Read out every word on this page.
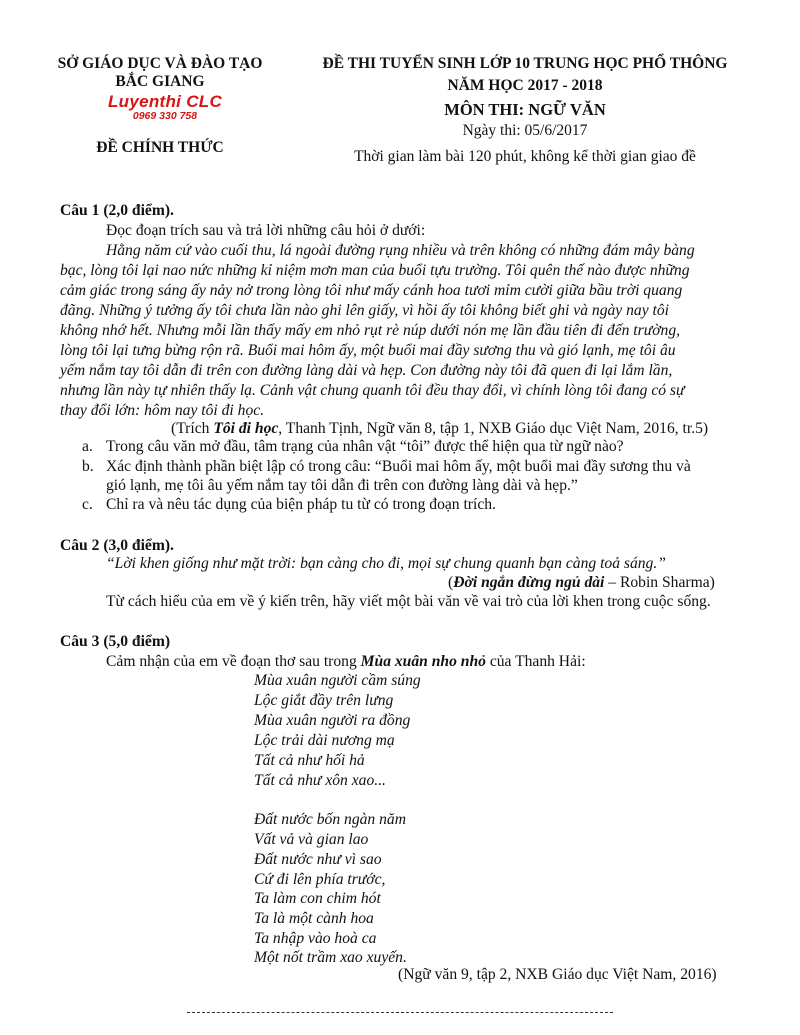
SỞ GIÁO DỤC VÀ ĐÀO TẠO
BẮC GIANG
Luyenthi CLC
0969 330 758
ĐỀ CHÍNH THỨC
ĐỀ THI TUYỂN SINH LỚP 10 TRUNG HỌC PHỔ THÔNG
NĂM HỌC 2017 - 2018
MÔN THI: NGỮ VĂN
Ngày thi: 05/6/2017
Thời gian làm bài 120 phút, không kể thời gian giao đề
Câu 1 (2,0 điểm).
Đọc đoạn trích sau và trả lời những câu hỏi ở dưới:
Hằng năm cứ vào cuối thu, lá ngoài đường rụng nhiều và trên không có những đám mây bàng
bạc, lòng tôi lại nao nức những kỉ niệm mơn man của buổi tựu trường. Tôi quên thế nào được những
cảm giác trong sáng ấy nảy nở trong lòng tôi như mấy cánh hoa tươi mỉm cười giữa bầu trời quang
đãng. Những ý tưởng ấy tôi chưa lần nào ghi lên giấy, vì hồi ấy tôi không biết ghi và ngày nay tôi
không nhớ hết. Nhưng mỗi lần thấy mấy em nhỏ rụt rè núp dưới nón mẹ lần đầu tiên đi đến trường,
lòng tôi lại tưng bừng rộn rã. Buổi mai hôm ấy, một buổi mai đầy sương thu và gió lạnh, mẹ tôi âu
yếm nắm tay tôi dẫn đi trên con đường làng dài và hẹp. Con đường này tôi đã quen đi lại lắm lần,
nhưng lần này tự nhiên thấy lạ. Cảnh vật chung quanh tôi đều thay đổi, vì chính lòng tôi đang có sự
thay đổi lớn: hôm nay tôi đi học.
(Trích Tôi đi học, Thanh Tịnh, Ngữ văn 8, tập 1, NXB Giáo dục Việt Nam, 2016, tr.5)
a. Trong câu văn mở đầu, tâm trạng của nhân vật “tôi” được thể hiện qua từ ngữ nào?
b. Xác định thành phần biệt lập có trong câu: “Buổi mai hôm ấy, một buổi mai đầy sương thu và
gió lạnh, mẹ tôi âu yếm nắm tay tôi dẫn đi trên con đường làng dài và hẹp.”
c. Chỉ ra và nêu tác dụng của biện pháp tu từ có trong đoạn trích.
Câu 2 (3,0 điểm).
“Lời khen giống như mặt trời: bạn càng cho đi, mọi sự chung quanh bạn càng toả sáng.”
(Đời ngắn đừng ngủ dài – Robin Sharma)
Từ cách hiểu của em về ý kiến trên, hãy viết một bài văn về vai trò của lời khen trong cuộc sống.
Câu 3 (5,0 điểm)
Cảm nhận của em về đoạn thơ sau trong Mùa xuân nho nhỏ của Thanh Hải:
Mùa xuân người cầm súng
Lộc giắt đầy trên lưng
Mùa xuân người ra đồng
Lộc trải dài nương mạ
Tất cả như hối hả
Tất cả như xôn xao...
Đất nước bốn ngàn năm
Vất vả và gian lao
Đất nước như vì sao
Cứ đi lên phía trước,
Ta làm con chim hót
Ta là một cành hoa
Ta nhập vào hoà ca
Một nốt trầm xao xuyến.
(Ngữ văn 9, tập 2, NXB Giáo dục Việt Nam, 2016)
